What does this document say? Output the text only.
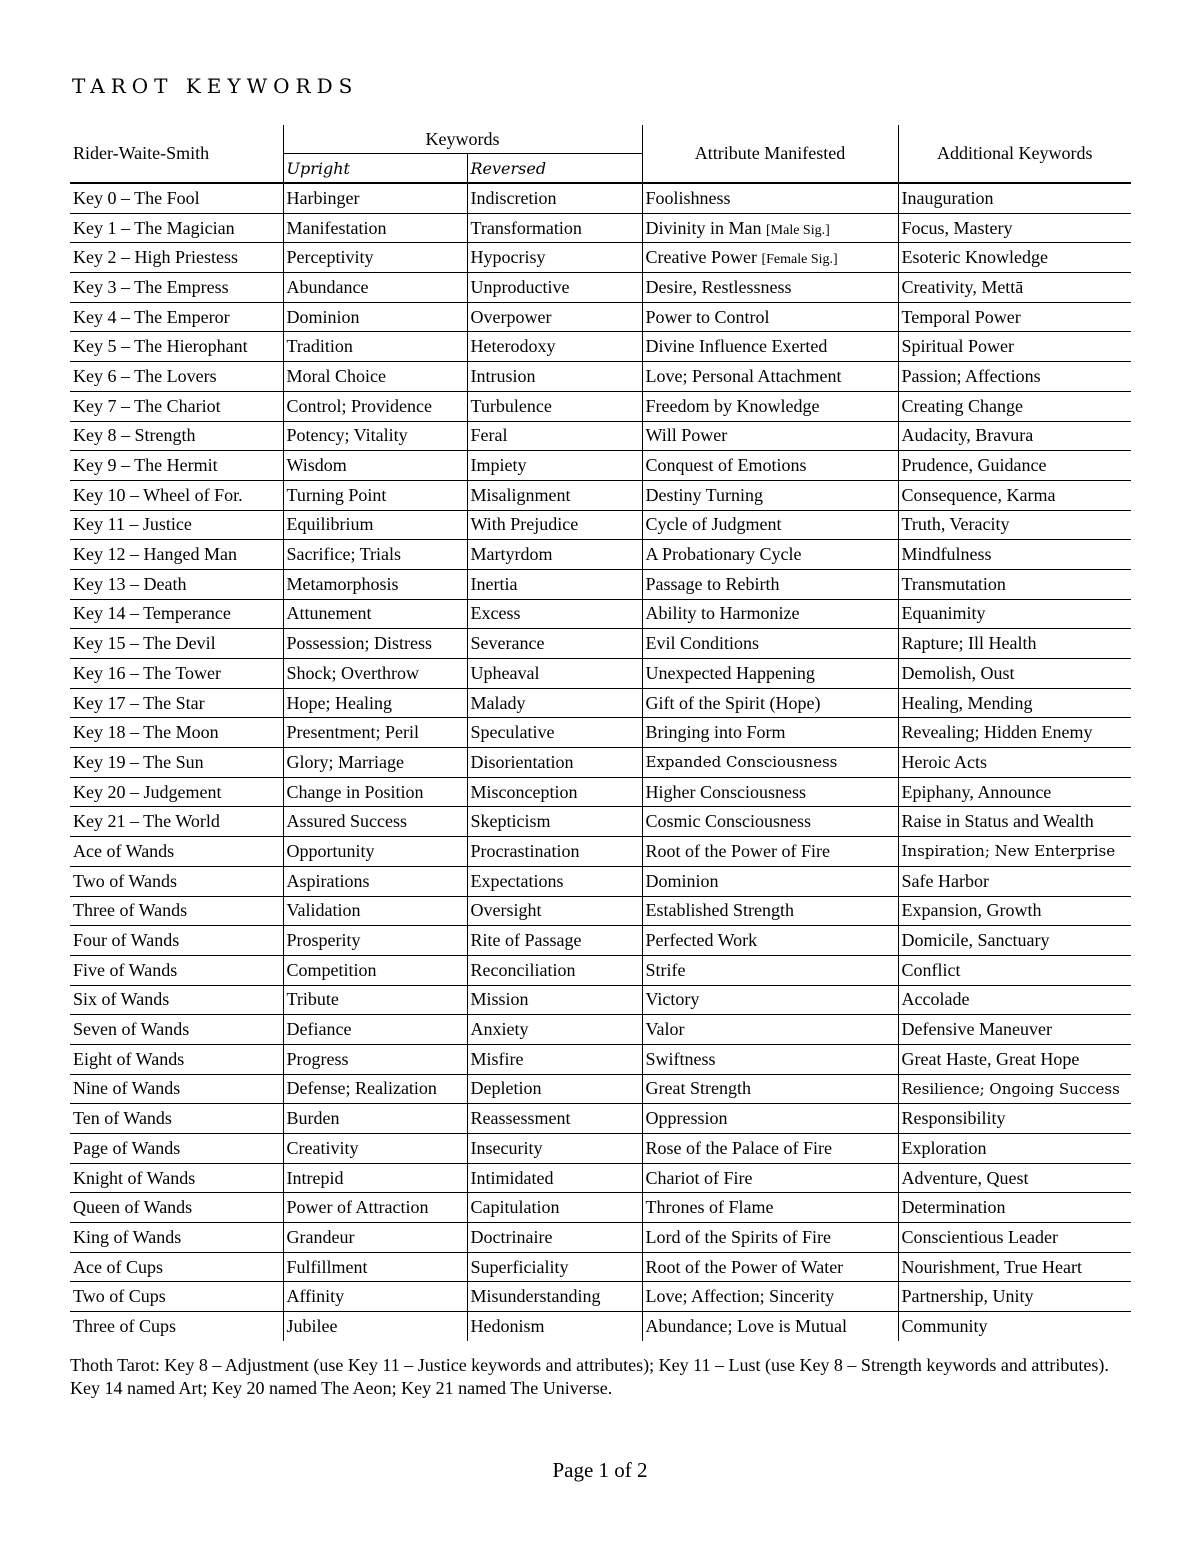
TAROT KEYWORDS
Rider-Waite-Smith	Keywords		Attribute Manifested	Additional Keywords
	Upright	Reversed		
Key 0 – The Fool	Harbinger	Indiscretion	Foolishness	Inauguration
Key 1 – The Magician	Manifestation	Transformation	Divinity in Man [Male Sig.]	Focus, Mastery
Key 2 – High Priestess	Perceptivity	Hypocrisy	Creative Power [Female Sig.]	Esoteric Knowledge
Key 3 – The Empress	Abundance	Unproductive	Desire, Restlessness	Creativity, Mettā
Key 4 – The Emperor	Dominion	Overpower	Power to Control	Temporal Power
Key 5 – The Hierophant	Tradition	Heterodoxy	Divine Influence Exerted	Spiritual Power
Key 6 – The Lovers	Moral Choice	Intrusion	Love; Personal Attachment	Passion; Affections
Key 7 – The Chariot	Control; Providence	Turbulence	Freedom by Knowledge	Creating Change
Key 8 – Strength	Potency; Vitality	Feral	Will Power	Audacity, Bravura
Key 9 – The Hermit	Wisdom	Impiety	Conquest of Emotions	Prudence, Guidance
Key 10 – Wheel of For.	Turning Point	Misalignment	Destiny Turning	Consequence, Karma
Key 11 – Justice	Equilibrium	With Prejudice	Cycle of Judgment	Truth, Veracity
Key 12 – Hanged Man	Sacrifice; Trials	Martyrdom	A Probationary Cycle	Mindfulness
Key 13 – Death	Metamorphosis	Inertia	Passage to Rebirth	Transmutation
Key 14 – Temperance	Attunement	Excess	Ability to Harmonize	Equanimity
Key 15 – The Devil	Possession; Distress	Severance	Evil Conditions	Rapture; Ill Health
Key 16 – The Tower	Shock; Overthrow	Upheaval	Unexpected Happening	Demolish, Oust
Key 17 – The Star	Hope; Healing	Malady	Gift of the Spirit (Hope)	Healing, Mending
Key 18 – The Moon	Presentment; Peril	Speculative	Bringing into Form	Revealing; Hidden Enemy
Key 19 – The Sun	Glory; Marriage	Disorientation	Expanded Consciousness	Heroic Acts
Key 20 – Judgement	Change in Position	Misconception	Higher Consciousness	Epiphany, Announce
Key 21 – The World	Assured Success	Skepticism	Cosmic Consciousness	Raise in Status and Wealth
Ace of Wands	Opportunity	Procrastination	Root of the Power of Fire	Inspiration; New Enterprise
Two of Wands	Aspirations	Expectations	Dominion	Safe Harbor
Three of Wands	Validation	Oversight	Established Strength	Expansion, Growth
Four of Wands	Prosperity	Rite of Passage	Perfected Work	Domicile, Sanctuary
Five of Wands	Competition	Reconciliation	Strife	Conflict
Six of Wands	Tribute	Mission	Victory	Accolade
Seven of Wands	Defiance	Anxiety	Valor	Defensive Maneuver
Eight of Wands	Progress	Misfire	Swiftness	Great Haste, Great Hope
Nine of Wands	Defense; Realization	Depletion	Great Strength	Resilience; Ongoing Success
Ten of Wands	Burden	Reassessment	Oppression	Responsibility
Page of Wands	Creativity	Insecurity	Rose of the Palace of Fire	Exploration
Knight of Wands	Intrepid	Intimidated	Chariot of Fire	Adventure, Quest
Queen of Wands	Power of Attraction	Capitulation	Thrones of Flame	Determination
King of Wands	Grandeur	Doctrinaire	Lord of the Spirits of Fire	Conscientious Leader
Ace of Cups	Fulfillment	Superficiality	Root of the Power of Water	Nourishment, True Heart
Two of Cups	Affinity	Misunderstanding	Love; Affection; Sincerity	Partnership, Unity
Three of Cups	Jubilee	Hedonism	Abundance; Love is Mutual	Community
Thoth Tarot: Key 8 – Adjustment (use Key 11 – Justice keywords and attributes); Key 11 – Lust (use Key 8 – Strength keywords and attributes). Key 14 named Art; Key 20 named The Aeon; Key 21 named The Universe.
Page 1 of 2
